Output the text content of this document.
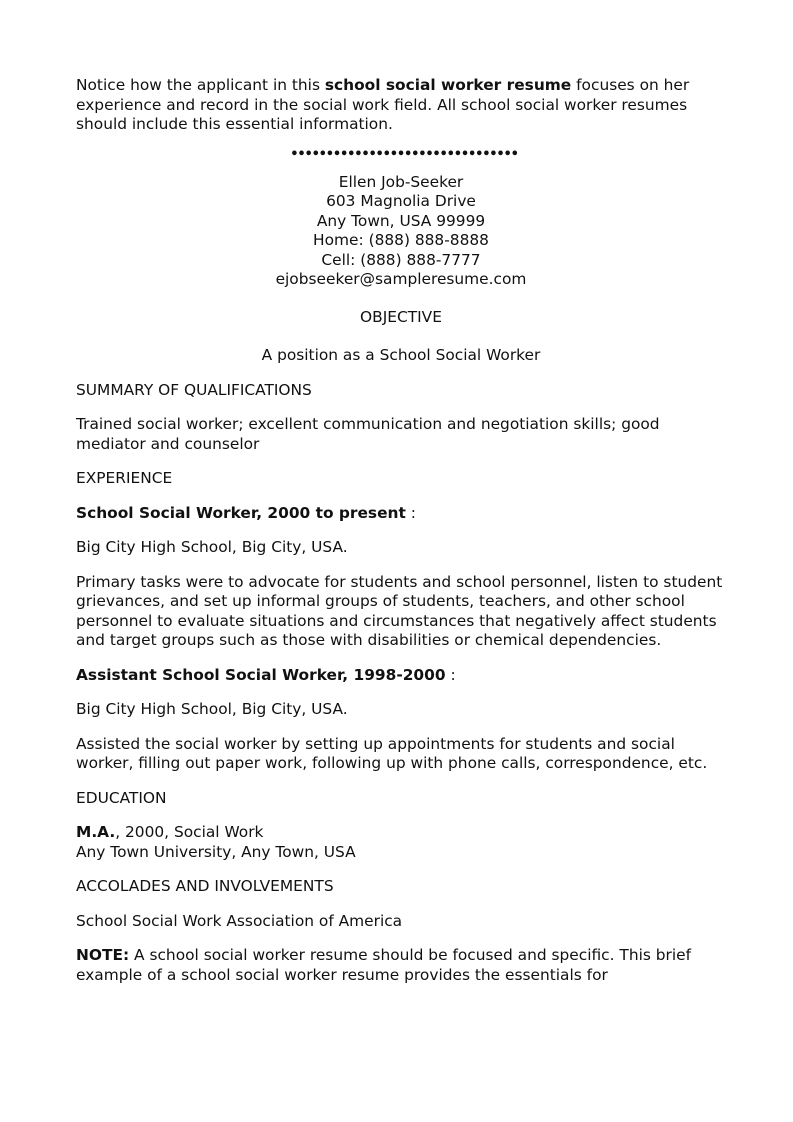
Notice how the applicant in this school social worker resume focuses on her experience and record in the social work field. All school social worker resumes should include this essential information.

••••••••••••••••••••••••••••••••
Ellen Job-Seeker
603 Magnolia Drive
Any Town, USA 99999
Home: (888) 888-8888
Cell: (888) 888-7777
ejobseeker@sampleresume.com
OBJECTIVE
A position as a School Social Worker
SUMMARY OF QUALIFICATIONS

Trained social worker; excellent communication and negotiation skills; good mediator and counselor

EXPERIENCE
School Social Worker, 2000 to present :

Big City High School, Big City, USA.

Primary tasks were to advocate for students and school personnel, listen to student grievances, and set up informal groups of students, teachers, and other school personnel to evaluate situations and circumstances that negatively affect students and target groups such as those with disabilities or chemical dependencies.

Assistant School Social Worker, 1998-2000 :

Big City High School, Big City, USA.

Assisted the social worker by setting up appointments for students and social worker, filling out paper work, following up with phone calls, correspondence, etc.

EDUCATION
M.A., 2000, Social Work
Any Town University, Any Town, USA
ACCOLADES AND INVOLVEMENTS

School Social Work Association of America

NOTE: A school social worker resume should be focused and specific. This brief example of a school social worker resume provides the essentials for
